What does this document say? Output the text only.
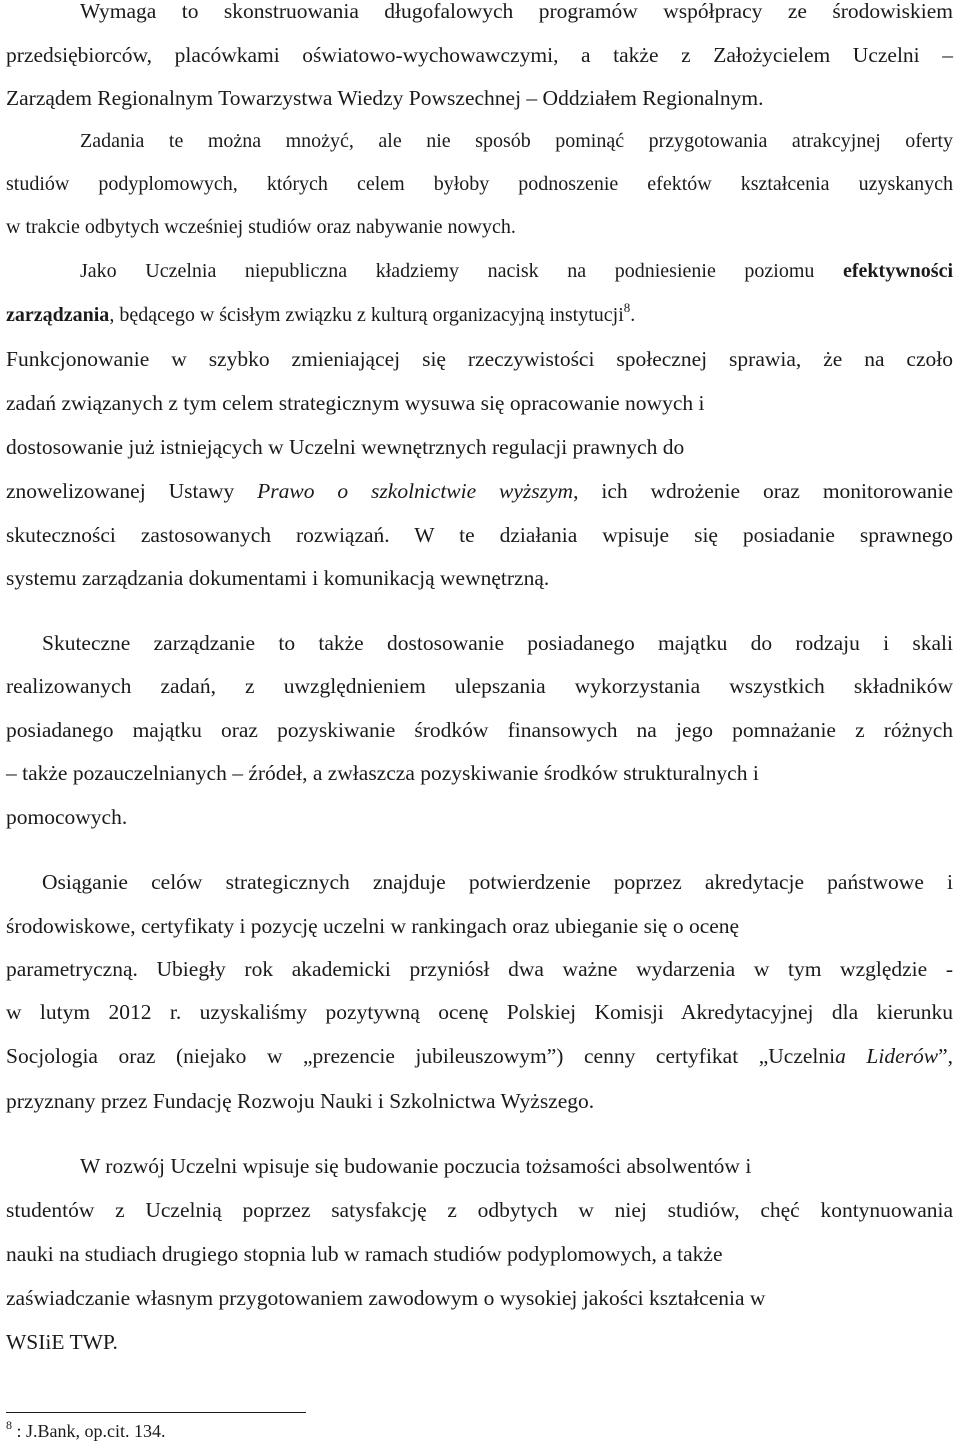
Wymaga to skonstruowania długofalowych programów współpracy ze środowiskiem
przedsiębiorców, placówkami oświatowo-wychowawczymi, a także z Założycielem Uczelni –
Zarządem Regionalnym Towarzystwa Wiedzy Powszechnej – Oddziałem Regionalnym.
Zadania te można mnożyć, ale nie sposób pominąć przygotowania atrakcyjnej oferty
studiów podyplomowych, których celem byłoby podnoszenie efektów kształcenia uzyskanych
w trakcie odbytych wcześniej studiów oraz nabywanie nowych.
Jako Uczelnia niepubliczna kładziemy nacisk na podniesienie poziomu efektywności
zarządzania, będącego w ścisłym związku z kulturą organizacyjną instytucji$^8$.
Funkcjonowanie w szybko zmieniającej się rzeczywistości społecznej sprawia, że na czoło
zadań związanych z tym celem strategicznym wysuwa się opracowanie nowych i
dostosowanie już istniejących w Uczelni wewnętrznych regulacji prawnych do
znowelizowanej Ustawy Prawo o szkolnictwie wyższym, ich wdrożenie oraz monitorowanie
skuteczności zastosowanych rozwiązań. W te działania wpisuje się posiadanie sprawnego
systemu zarządzania dokumentami i komunikacją wewnętrzną.
Skuteczne zarządzanie to także dostosowanie posiadanego majątku do rodzaju i skali
realizowanych zadań, z uwzględnieniem ulepszania wykorzystania wszystkich składników
posiadanego majątku oraz pozyskiwanie środków finansowych na jego pomnażanie z różnych
– także pozauczelnianych – źródeł, a zwłaszcza pozyskiwanie środków strukturalnych i
pomocowych.
Osiąganie celów strategicznych znajduje potwierdzenie poprzez akredytacje państwowe i
środowiskowe, certyfikaty i pozycję uczelni w rankingach oraz ubieganie się o ocenę
parametryczną. Ubiegły rok akademicki przyniósł dwa ważne wydarzenia w tym względzie -
w lutym 2012 r. uzyskaliśmy pozytywną ocenę Polskiej Komisji Akredytacyjnej dla kierunku
Socjologia oraz (niejako w „prezencie jubileuszowym”) cenny certyfikat „Uczelnia Liderów”,
przyznany przez Fundację Rozwoju Nauki i Szkolnictwa Wyższego.
W rozwój Uczelni wpisuje się budowanie poczucia tożsamości absolwentów i
studentów z Uczelnią poprzez satysfakcję z odbytych w niej studiów, chęć kontynuowania
nauki na studiach drugiego stopnia lub w ramach studiów podyplomowych, a także
zaświadczanie własnym przygotowaniem zawodowym o wysokiej jakości kształcenia w
WSIiE TWP.
$^8$ : J.Bank, op.cit. 134.
